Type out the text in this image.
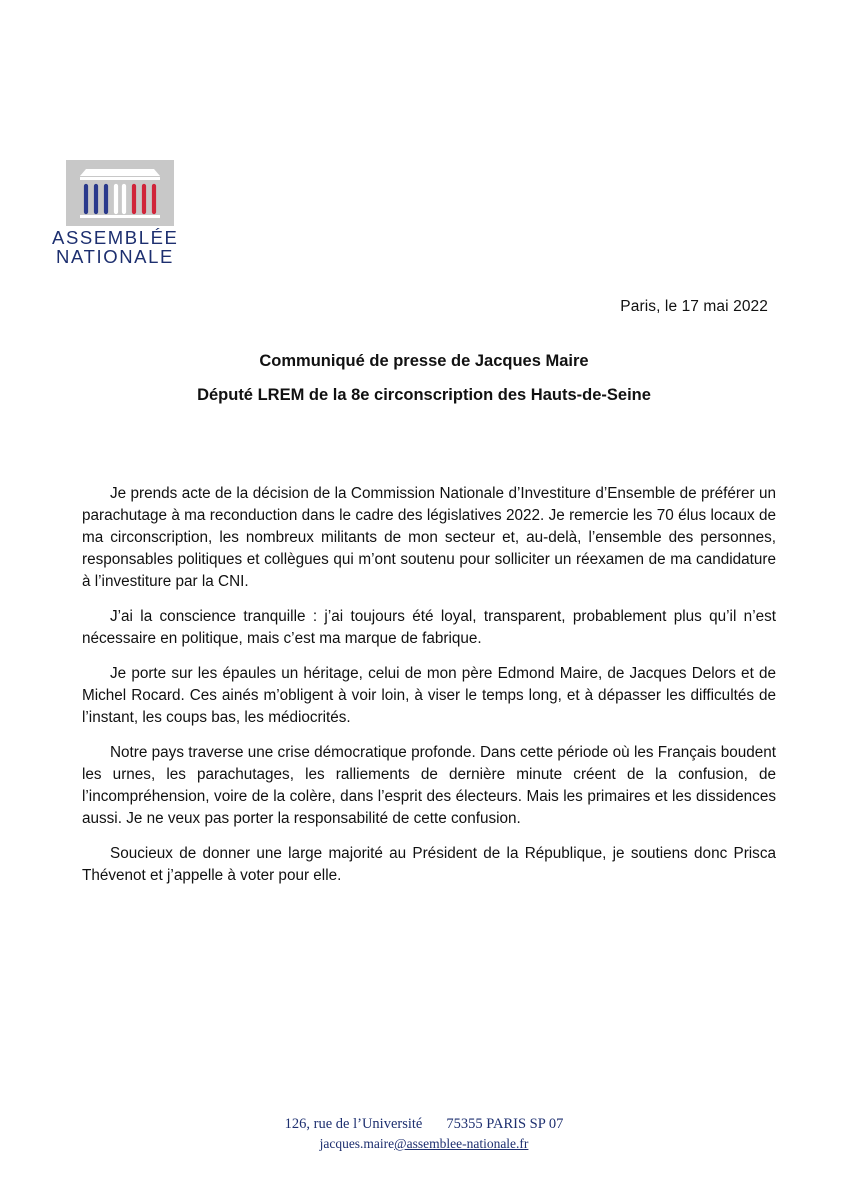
ASSEMBLÉE
NATIONALE
Paris, le 17 mai 2022
Communiqué de presse de Jacques Maire
Député LREM de la 8e circonscription des Hauts-de-Seine

Je prends acte de la décision de la Commission Nationale d’Investiture d’Ensemble de préférer un parachutage à ma reconduction dans le cadre des législatives 2022. Je remercie les 70 élus locaux de ma circonscription, les nombreux militants de mon secteur et, au-delà, l’ensemble des personnes, responsables politiques et collègues qui m’ont soutenu pour solliciter un réexamen de ma candidature à l’investiture par la CNI.

J’ai la conscience tranquille : j’ai toujours été loyal, transparent, probablement plus qu’il n’est nécessaire en politique, mais c’est ma marque de fabrique.

Je porte sur les épaules un héritage, celui de mon père Edmond Maire, de Jacques Delors et de Michel Rocard. Ces ainés m’obligent à voir loin, à viser le temps long, et à dépasser les difficultés de l’instant, les coups bas, les médiocrités.

Notre pays traverse une crise démocratique profonde. Dans cette période où les Français boudent les urnes, les parachutages, les ralliements de dernière minute créent de la confusion, de l’incompréhension, voire de la colère, dans l’esprit des électeurs. Mais les primaires et les dissidences aussi. Je ne veux pas porter la responsabilité de cette confusion.

Soucieux de donner une large majorité au Président de la République, je soutiens donc Prisca Thévenot et j’appelle à voter pour elle.

126, rue de l’Université 75355 PARIS SP 07
jacques.maire@assemblee-nationale.fr
